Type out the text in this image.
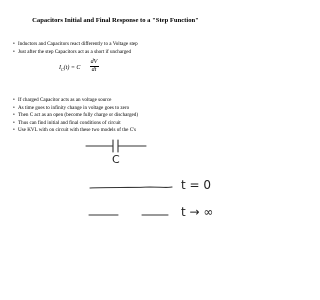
Capacitors Initial and Final Response to a "Step Function"
• Inductors and Capacitors react differently to a Voltage step
• Just after the step Capacitors act as a short if uncharged
$I_C(t) = C$
dV
dt
• If charged Capacitor acts as an voltage source
• As time goes to infinity change in voltage goes to zero
• Then C act as an open (become fully charge or discharged)
• Thus can find initial and final conditions of circuit
• Use KVL with on circuit with these two models of the C's
C
t = 0
t → ∞
